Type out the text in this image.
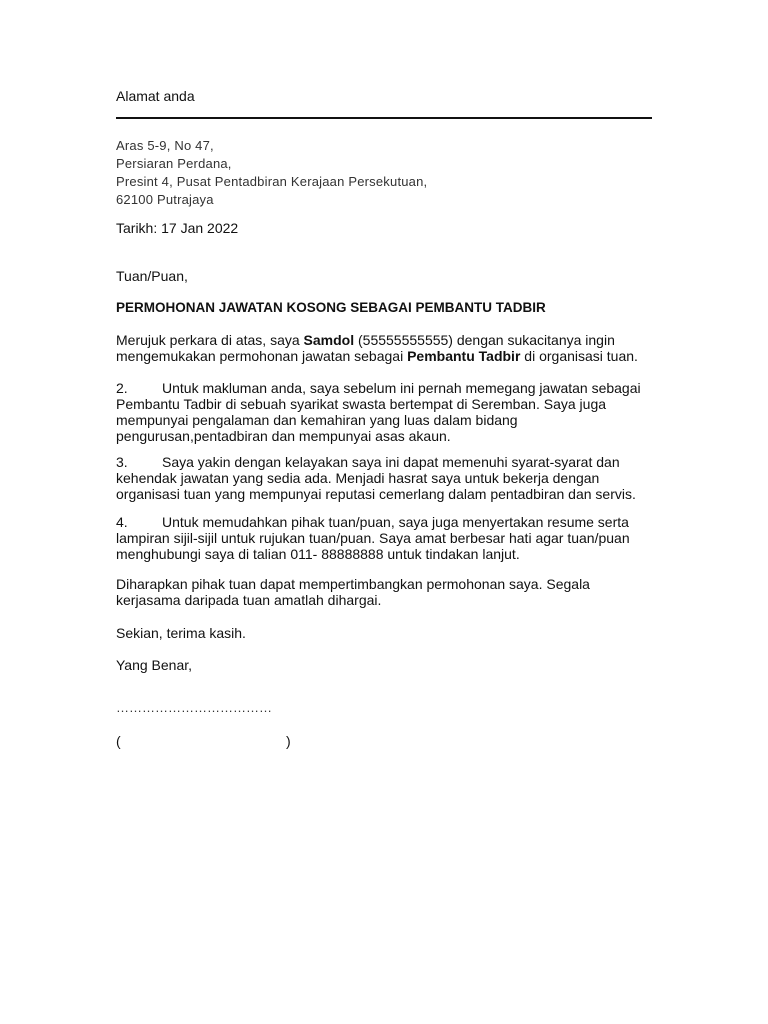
Alamat anda
Aras 5-9, No 47,
Persiaran Perdana,
Presint 4, Pusat Pentadbiran Kerajaan Persekutuan,
62100 Putrajaya
Tarikh: 17 Jan 2022
Tuan/Puan,
PERMOHONAN JAWATAN KOSONG SEBAGAI PEMBANTU TADBIR
Merujuk perkara di atas, saya Samdol (55555555555) dengan sukacitanya ingin
mengemukakan permohonan jawatan sebagai Pembantu Tadbir di organisasi tuan.
2. Untuk makluman anda, saya sebelum ini pernah memegang jawatan sebagai
Pembantu Tadbir di sebuah syarikat swasta bertempat di Seremban. Saya juga
mempunyai pengalaman dan kemahiran yang luas dalam bidang
pengurusan,pentadbiran dan mempunyai asas akaun.
3. Saya yakin dengan kelayakan saya ini dapat memenuhi syarat-syarat dan
kehendak jawatan yang sedia ada. Menjadi hasrat saya untuk bekerja dengan
organisasi tuan yang mempunyai reputasi cemerlang dalam pentadbiran dan servis.
4. Untuk memudahkan pihak tuan/puan, saya juga menyertakan resume serta
lampiran sijil-sijil untuk rujukan tuan/puan. Saya amat berbesar hati agar tuan/puan
menghubungi saya di talian 011- 88888888 untuk tindakan lanjut.
Diharapkan pihak tuan dapat mempertimbangkan permohonan saya. Segala
kerjasama daripada tuan amatlah dihargai.
Sekian, terima kasih.
Yang Benar,
………………………………
(	)
